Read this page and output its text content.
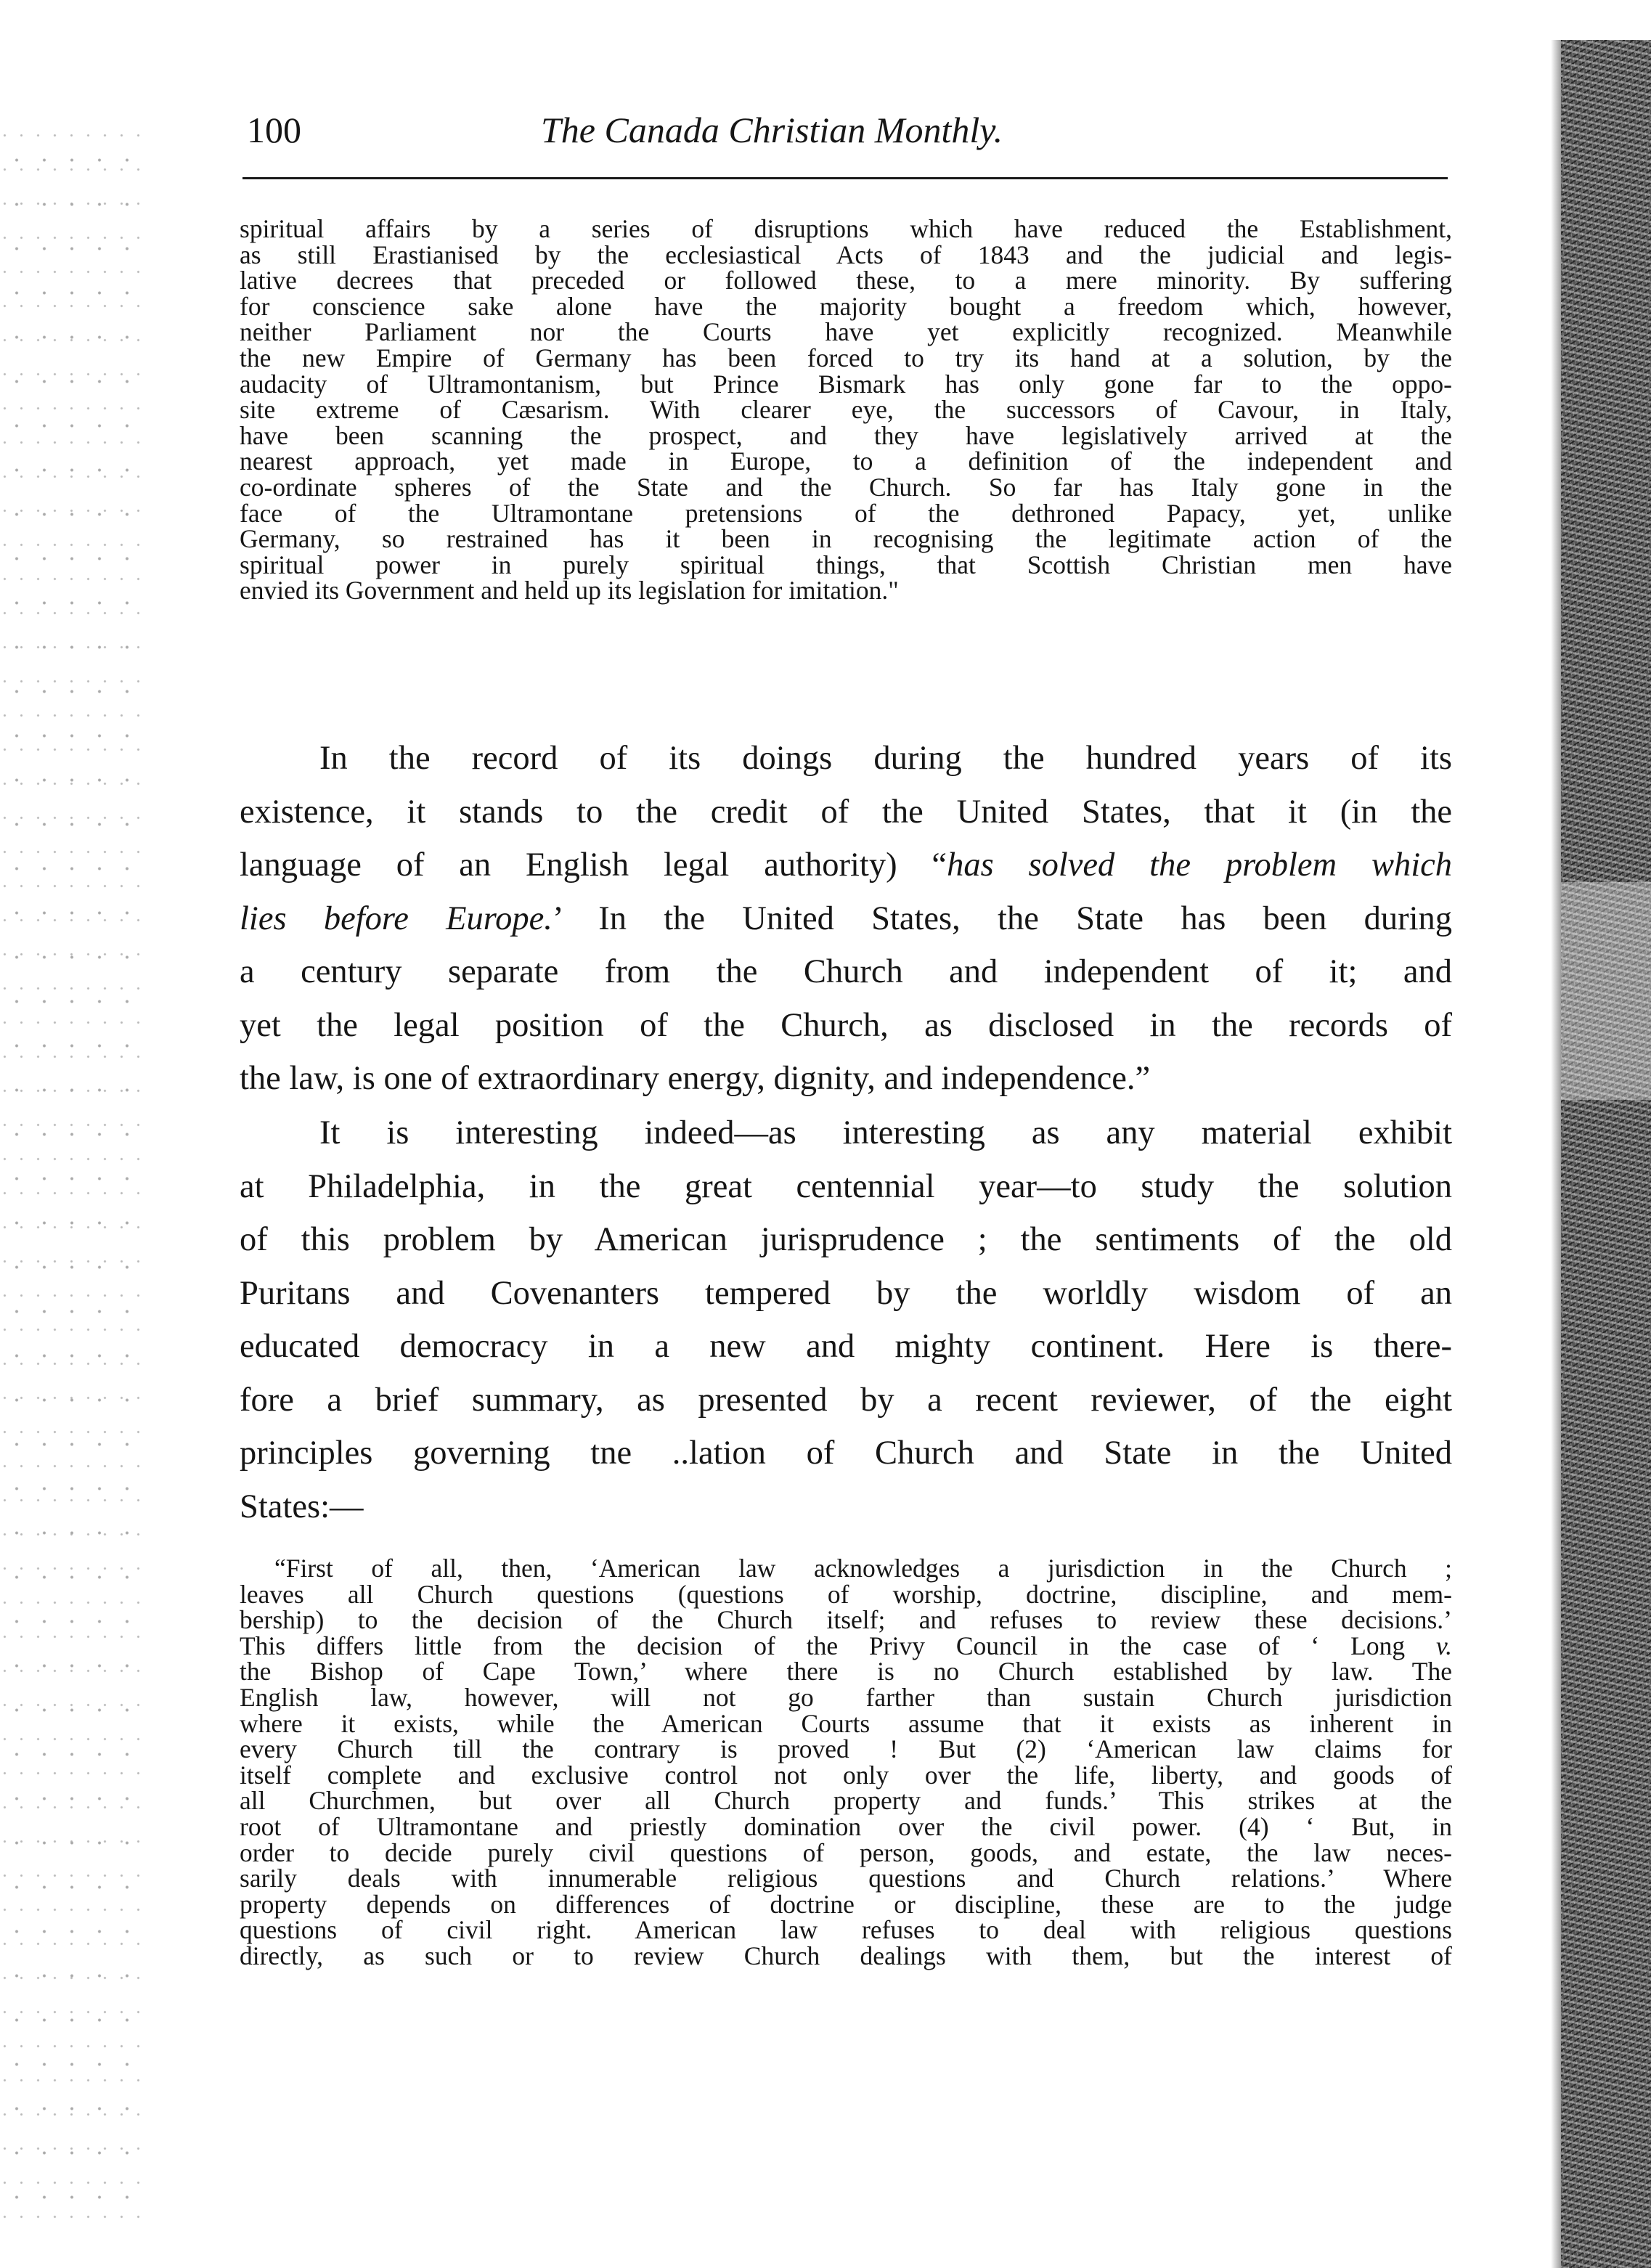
100	The Canada Christian Monthly.
spiritual affairs by a series of disruptions which have reduced the Establishment,
as still Erastianised by the ecclesiastical Acts of 1843 and the judicial and legis-
lative decrees that preceded or followed these, to a mere minority. By suffering
for conscience sake alone have the majority bought a freedom which, however,
neither Parliament nor the Courts have yet explicitly recognized. Meanwhile
the new Empire of Germany has been forced to try its hand at a solution, by the
audacity of Ultramontanism, but Prince Bismark has only gone far to the oppo-
site extreme of Cæsarism. With clearer eye, the successors of Cavour, in Italy,
have been scanning the prospect, and they have legislatively arrived at the
nearest approach, yet made in Europe, to a definition of the independent and
co-ordinate spheres of the State and the Church. So far has Italy gone in the
face of the Ultramontane pretensions of the dethroned Papacy, yet, unlike
Germany, so restrained has it been in recognising the legitimate action of the
spiritual power in purely spiritual things, that Scottish Christian men have
envied its Government and held up its legislation for imitation."
In the record of its doings during the hundred years of its
existence, it stands to the credit of the United States, that it (in the
language of an English legal authority) “has solved the problem which
lies before Europe.’ In the United States, the State has been during
a century separate from the Church and independent of it; and
yet the legal position of the Church, as disclosed in the records of
the law, is one of extraordinary energy, dignity, and independence.”
It is interesting indeed—as interesting as any material exhibit
at Philadelphia, in the great centennial year—to study the solution
of this problem by American jurisprudence ; the sentiments of the old
Puritans and Covenanters tempered by the worldly wisdom of an
educated democracy in a new and mighty continent. Here is there-
fore a brief summary, as presented by a recent reviewer, of the eight
principles governing tne ..lation of Church and State in the United
States:—
“First of all, then, ‘American law acknowledges a jurisdiction in the Church ;
leaves all Church questions (questions of worship, doctrine, discipline, and mem-
bership) to the decision of the Church itself; and refuses to review these decisions.’
This differs little from the decision of the Privy Council in the case of ‘ Long v.
the Bishop of Cape Town,’ where there is no Church established by law. The
English law, however, will not go farther than sustain Church jurisdiction
where it exists, while the American Courts assume that it exists as inherent in
every Church till the contrary is proved ! But (2) ‘American law claims for
itself complete and exclusive control not only over the life, liberty, and goods of
all Churchmen, but over all Church property and funds.’ This strikes at the
root of Ultramontane and priestly domination over the civil power. (4) ‘ But, in
order to decide purely civil questions of person, goods, and estate, the law neces-
sarily deals with innumerable religious questions and Church relations.’ Where
property depends on differences of doctrine or discipline, these are to the judge
questions of civil right. American law refuses to deal with religious questions
directly, as such or to review Church dealings with them, but the interest of
